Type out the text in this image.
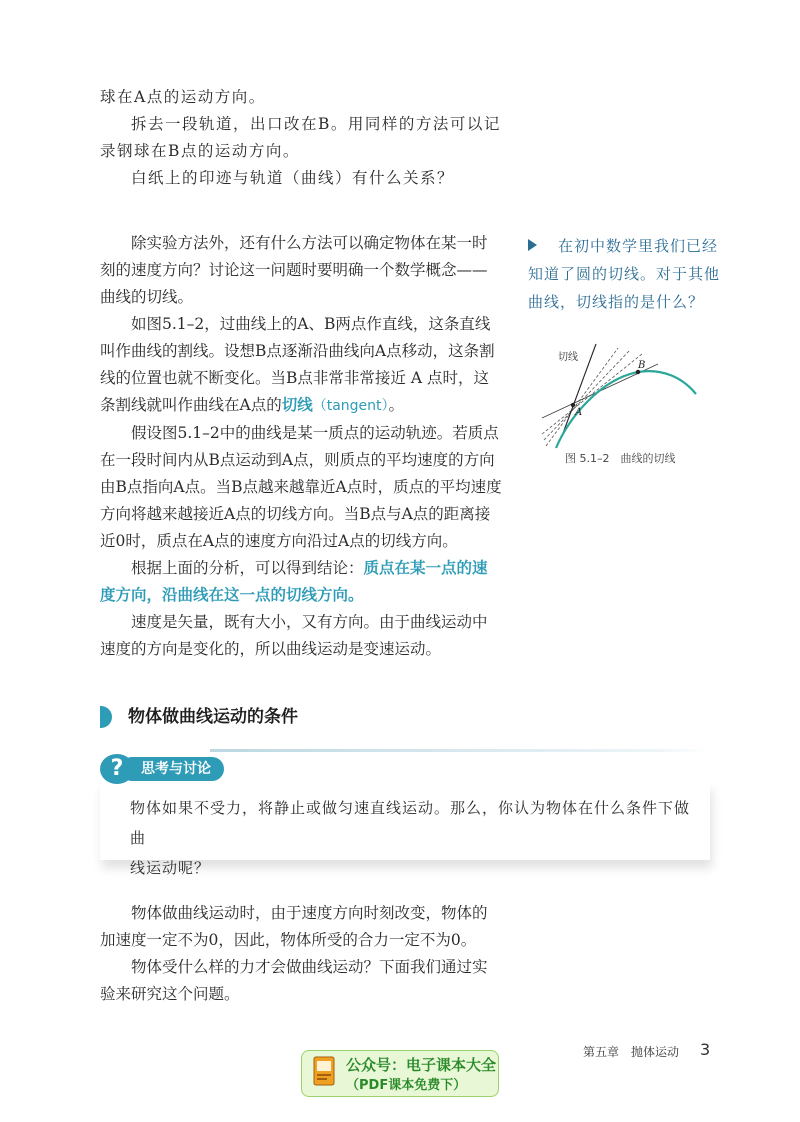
球在A点的运动方向。

拆去一段轨道，出口改在B。用同样的方法可以记录钢球在B点的运动方向。

白纸上的印迹与轨道（曲线）有什么关系？

除实验方法外，还有什么方法可以确定物体在某一时刻的速度方向？讨论这一问题时要明确一个数学概念——曲线的切线。

如图5.1–2，过曲线上的A、B两点作直线，这条直线叫作曲线的割线。设想B点逐渐沿曲线向A点移动，这条割线的位置也就不断变化。当B点非常非常接近 A 点时，这条割线就叫作曲线在A点的切线（tangent）。

假设图5.1–2中的曲线是某一质点的运动轨迹。若质点在一段时间内从B点运动到A点，则质点的平均速度的方向由B点指向A点。当B点越来越靠近A点时，质点的平均速度方向将越来越接近A点的切线方向。当B点与A点的距离接近0时，质点在A点的速度方向沿过A点的切线方向。

根据上面的分析，可以得到结论：质点在某一点的速度方向，沿曲线在这一点的切线方向。

速度是矢量，既有大小，又有方向。由于曲线运动中速度的方向是变化的，所以曲线运动是变速运动。

在初中数学里我们已经知道了圆的切线。对于其他曲线，切线指的是什么？
切线
A
B
图 5.1–2　曲线的切线
物体做曲线运动的条件
思考与讨论
?

物体如果不受力，将静止或做匀速直线运动。那么，你认为物体在什么条件下做曲

线运动呢？

物体做曲线运动时，由于速度方向时刻改变，物体的加速度一定不为0，因此，物体所受的合力一定不为0。

物体受什么样的力才会做曲线运动？下面我们通过实验来研究这个问题。

第五章　抛体运动 3
公众号：电子课本大全
（PDF课本免费下）
